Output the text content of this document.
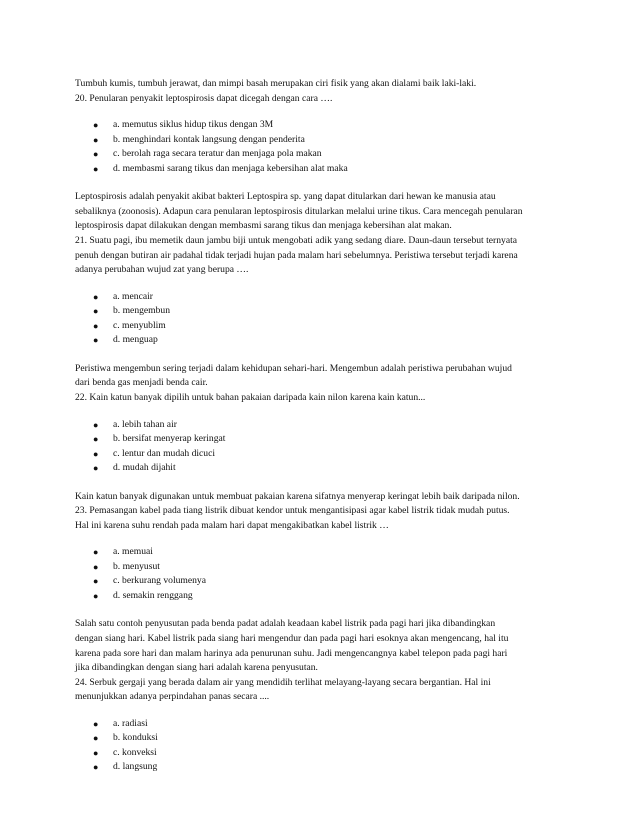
Tumbuh kumis, tumbuh jerawat, dan mimpi basah merupakan ciri fisik yang akan dialami baik laki-laki.
20. Penularan penyakit leptospirosis dapat dicegah dengan cara ….

● a. memutus siklus hidup tikus dengan 3M
● b. menghindari kontak langsung dengan penderita
● c. berolah raga secara teratur dan menjaga pola makan
● d. membasmi sarang tikus dan menjaga kebersihan alat maka

Leptospirosis adalah penyakit akibat bakteri Leptospira sp. yang dapat ditularkan dari hewan ke manusia atau
sebaliknya (zoonosis). Adapun cara penularan leptospirosis ditularkan melalui urine tikus. Cara mencegah penularan
leptospirosis dapat dilakukan dengan membasmi sarang tikus dan menjaga kebersihan alat makan.
21. Suatu pagi, ibu memetik daun jambu biji untuk mengobati adik yang sedang diare. Daun-daun tersebut ternyata
penuh dengan butiran air padahal tidak terjadi hujan pada malam hari sebelumnya. Peristiwa tersebut terjadi karena
adanya perubahan wujud zat yang berupa ….

● a. mencair
● b. mengembun
● c. menyublim
● d. menguap

Peristiwa mengembun sering terjadi dalam kehidupan sehari-hari. Mengembun adalah peristiwa perubahan wujud
dari benda gas menjadi benda cair.
22. Kain katun banyak dipilih untuk bahan pakaian daripada kain nilon karena kain katun...

● a. lebih tahan air
● b. bersifat menyerap keringat
● c. lentur dan mudah dicuci
● d. mudah dijahit

Kain katun banyak digunakan untuk membuat pakaian karena sifatnya menyerap keringat lebih baik daripada nilon.
23. Pemasangan kabel pada tiang listrik dibuat kendor untuk mengantisipasi agar kabel listrik tidak mudah putus.
Hal ini karena suhu rendah pada malam hari dapat mengakibatkan kabel listrik …

● a. memuai
● b. menyusut
● c. berkurang volumenya
● d. semakin renggang

Salah satu contoh penyusutan pada benda padat adalah keadaan kabel listrik pada pagi hari jika dibandingkan
dengan siang hari. Kabel listrik pada siang hari mengendur dan pada pagi hari esoknya akan mengencang, hal itu
karena pada sore hari dan malam harinya ada penurunan suhu. Jadi mengencangnya kabel telepon pada pagi hari
jika dibandingkan dengan siang hari adalah karena penyusutan.
24. Serbuk gergaji yang berada dalam air yang mendidih terlihat melayang-layang secara bergantian. Hal ini
menunjukkan adanya perpindahan panas secara ....

● a. radiasi
● b. konduksi
● c. konveksi
● d. langsung
